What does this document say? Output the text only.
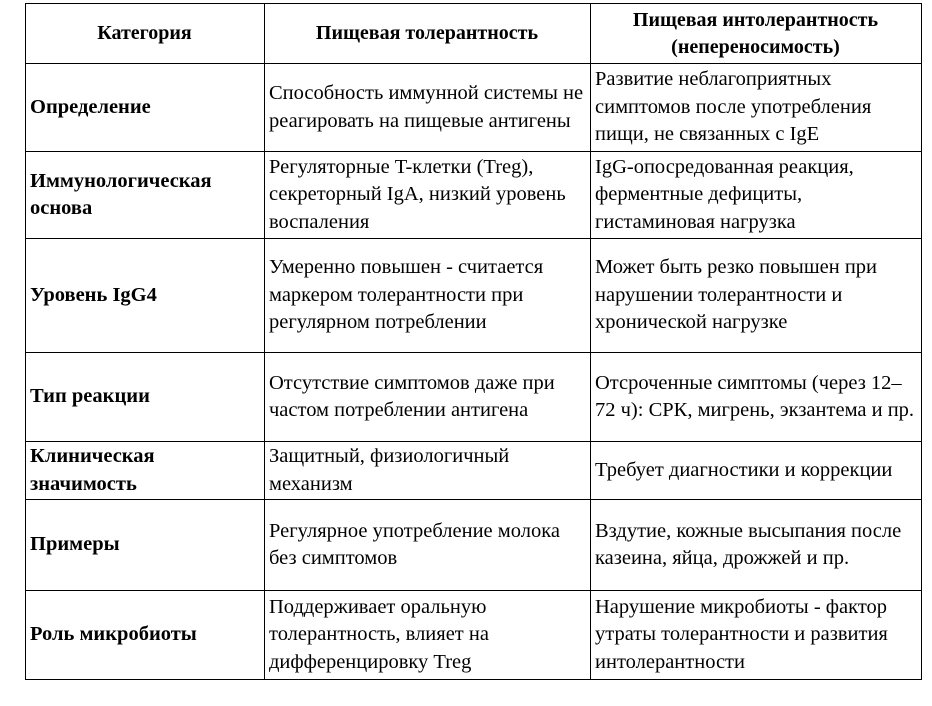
Категория	Пищевая толерантность	Пищевая интолерантность (непереносимость)
Определение	Способность иммунной системы не реагировать на пищевые антигены	Развитие неблагоприятных симптомов после употребления пищи, не связанных с IgE
Иммунологическая основа	Регуляторные T-клетки (Treg), секреторный IgA, низкий уровень воспаления	IgG-опосредованная реакция, ферментные дефициты, гистаминовая нагрузка
Уровень IgG4	Умеренно повышен - считается маркером толерантности при регулярном потреблении	Может быть резко повышен при нарушении толерантности и хронической нагрузке
Тип реакции	Отсутствие симптомов даже при частом потреблении антигена	Отсроченные симптомы (через 12–72 ч): СРК, мигрень, экзантема и пр.
Клиническая значимость	Защитный, физиологичный механизм	Требует диагностики и коррекции
Примеры	Регулярное употребление молока без симптомов	Вздутие, кожные высыпания после казеина, яйца, дрожжей и пр.
Роль микробиоты	Поддерживает оральную толерантность, влияет на дифференцировку Treg	Нарушение микробиоты - фактор утраты толерантности и развития интолерантности
